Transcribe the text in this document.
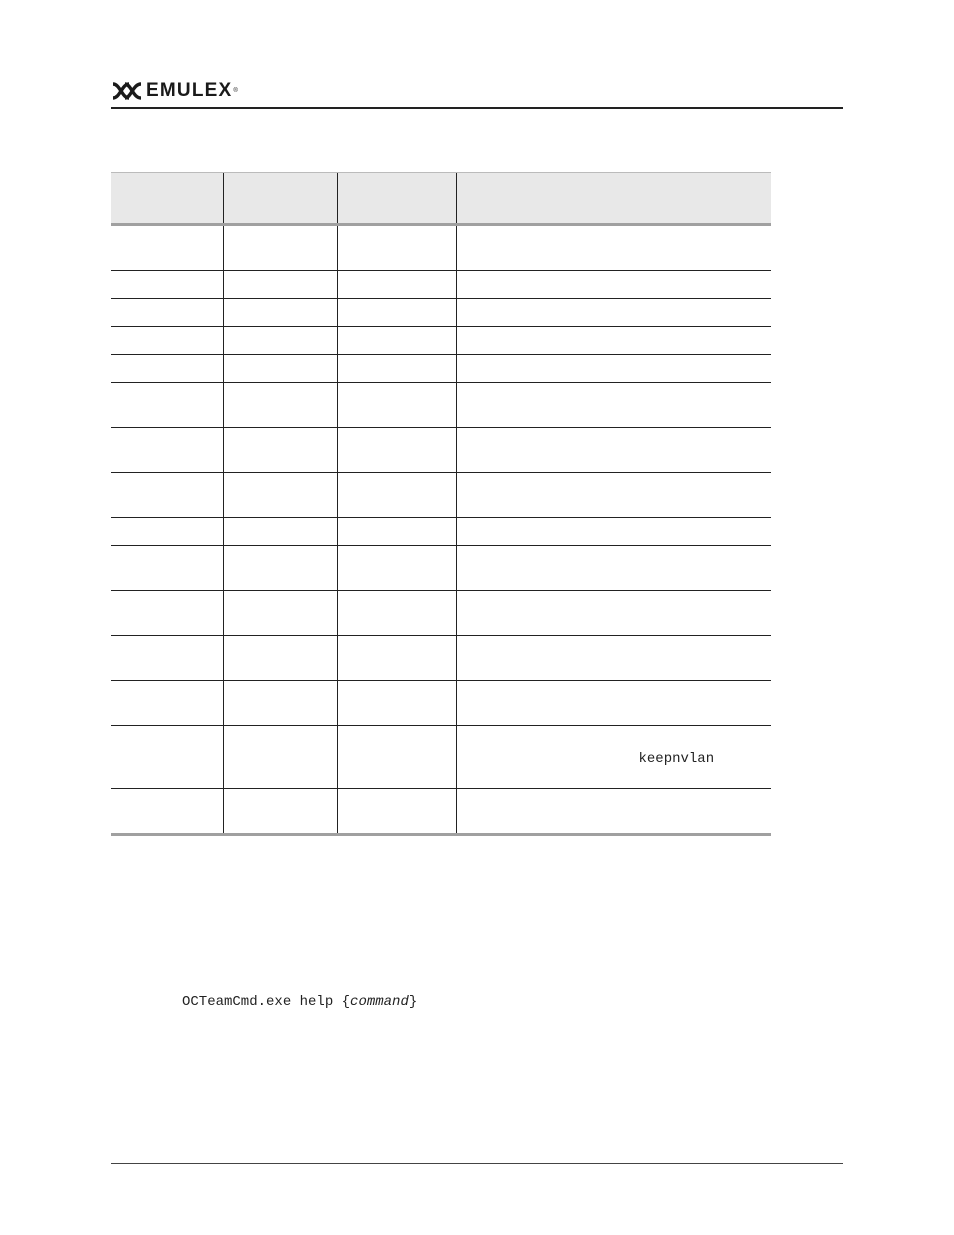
EMULEX ®

			keepnvlan

OCTeamCmd.exe help {command}
